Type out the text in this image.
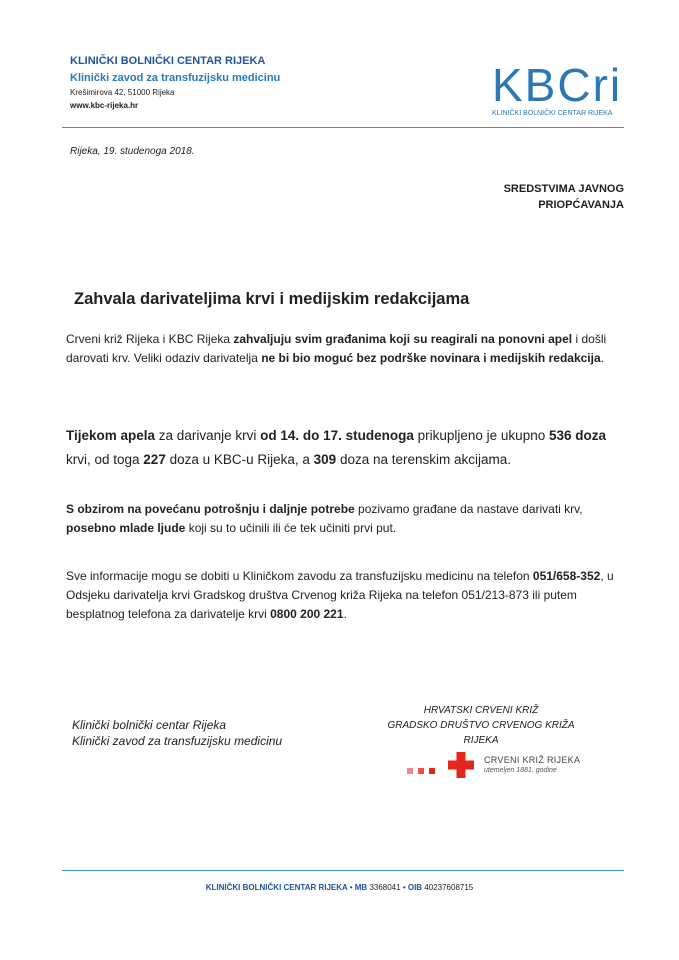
KLINIČKI BOLNIČKI CENTAR RIJEKA
Klinički zavod za transfuzijsku medicinu
Krešimirova 42, 51000 Rijeka
www.kbc-rijeka.hr	KBCri
KLINIČKI BOLNIČKI CENTAR RIJEKA
Rijeka, 19. studenoga 2018.
SREDSTVIMA JAVNOG
PRIOPĆAVANJA
Zahvala darivateljima krvi i medijskim redakcijama
Crveni križ Rijeka i KBC Rijeka zahvaljuju svim građanima koji su reagirali na ponovni apel i došli darovati krv. Veliki odaziv darivatelja ne bi bio moguć bez podrške novinara i medijskih redakcija.
Tijekom apela za darivanje krvi od 14. do 17. studenoga prikupljeno je ukupno 536 doza krvi, od toga 227 doza u KBC-u Rijeka, a 309 doza na terenskim akcijama.
S obzirom na povećanu potrošnju i daljnje potrebe pozivamo građane da nastave darivati krv, posebno mlade ljude koji su to učinili ili će tek učiniti prvi put.
Sve informacije mogu se dobiti u Kliničkom zavodu za transfuzijsku medicinu na telefon 051/658-352, u Odsjeku darivatelja krvi Gradskog društva Crvenog križa Rijeka na telefon 051/213-873 ili putem besplatnog telefona za darivatelje krvi 0800 200 221.
Klinički bolnički centar Rijeka
Klinički zavod za transfuzijsku medicinu
HRVATSKI CRVENI KRIŽ
GRADSKO DRUŠTVO CRVENOG KRIŽA RIJEKA
CRVENI KRIŽ RIJEKA
utemeljen 1881. godine
KLINIČKI BOLNIČKI CENTAR RIJEKA • MB 3368041 • OIB 40237608715
